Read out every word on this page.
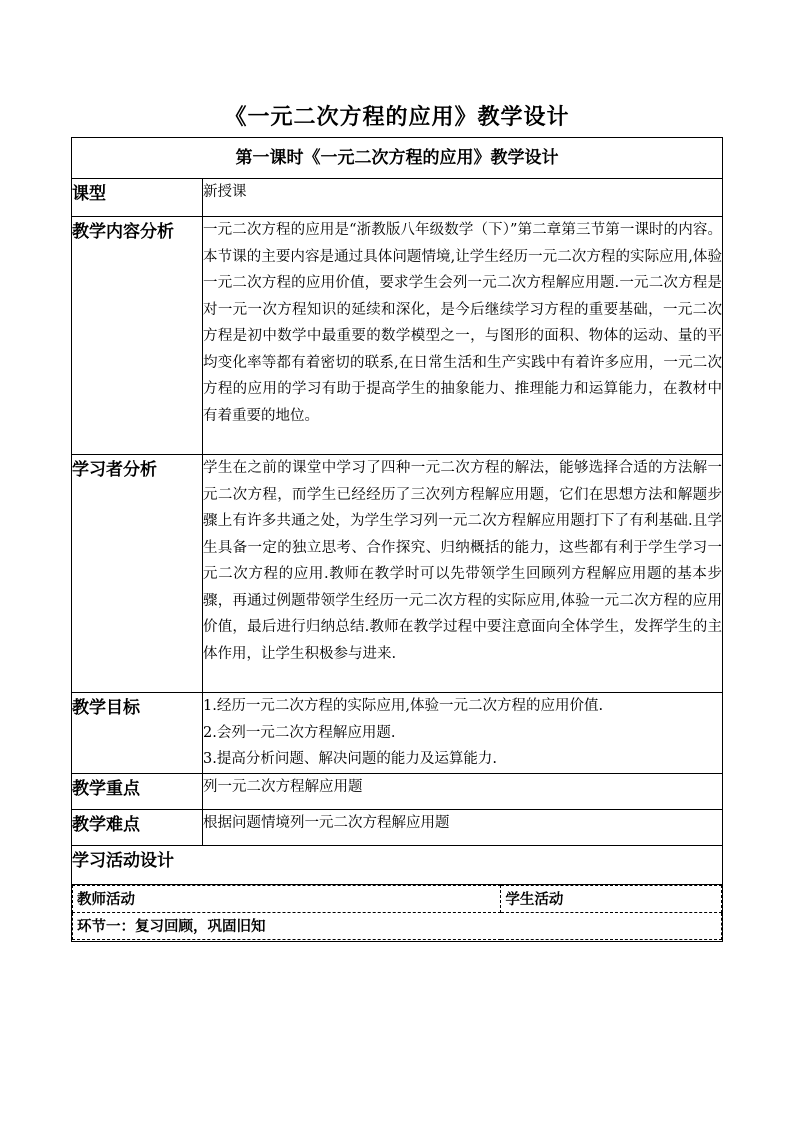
《一元二次方程的应用》教学设计
第一课时《一元二次方程的应用》教学设计
课型	新授课
教学内容分析	一元二次方程的应用是“浙教版八年级数学（下）”第二章第三节第一课时的内容。本节课的主要内容是通过具体问题情境,让学生经历一元二次方程的实际应用,体验一元二次方程的应用价值，要求学生会列一元二次方程解应用题.一元二次方程是对一元一次方程知识的延续和深化，是今后继续学习方程的重要基础，一元二次方程是初中数学中最重要的数学模型之一，与图形的面积、物体的运动、量的平均变化率等都有着密切的联系,在日常生活和生产实践中有着许多应用，一元二次方程的应用的学习有助于提高学生的抽象能力、推理能力和运算能力，在教材中有着重要的地位。
学习者分析	学生在之前的课堂中学习了四种一元二次方程的解法，能够选择合适的方法解一元二次方程，而学生已经经历了三次列方程解应用题，它们在思想方法和解题步骤上有许多共通之处，为学生学习列一元二次方程解应用题打下了有利基础.且学生具备一定的独立思考、合作探究、归纳概括的能力，这些都有利于学生学习一元二次方程的应用.教师在教学时可以先带领学生回顾列方程解应用题的基本步骤，再通过例题带领学生经历一元二次方程的实际应用,体验一元二次方程的应用价值，最后进行归纳总结.教师在教学过程中要注意面向全体学生，发挥学生的主体作用，让学生积极参与进来.
教学目标	1.经历一元二次方程的实际应用,体验一元二次方程的应用价值.
2.会列一元二次方程解应用题.
3.提高分析问题、解决问题的能力及运算能力.

教学重点	列一元二次方程解应用题
教学难点	根据问题情境列一元二次方程解应用题
学习活动设计

教师活动	学生活动
环节一：复习回顾，巩固旧知
